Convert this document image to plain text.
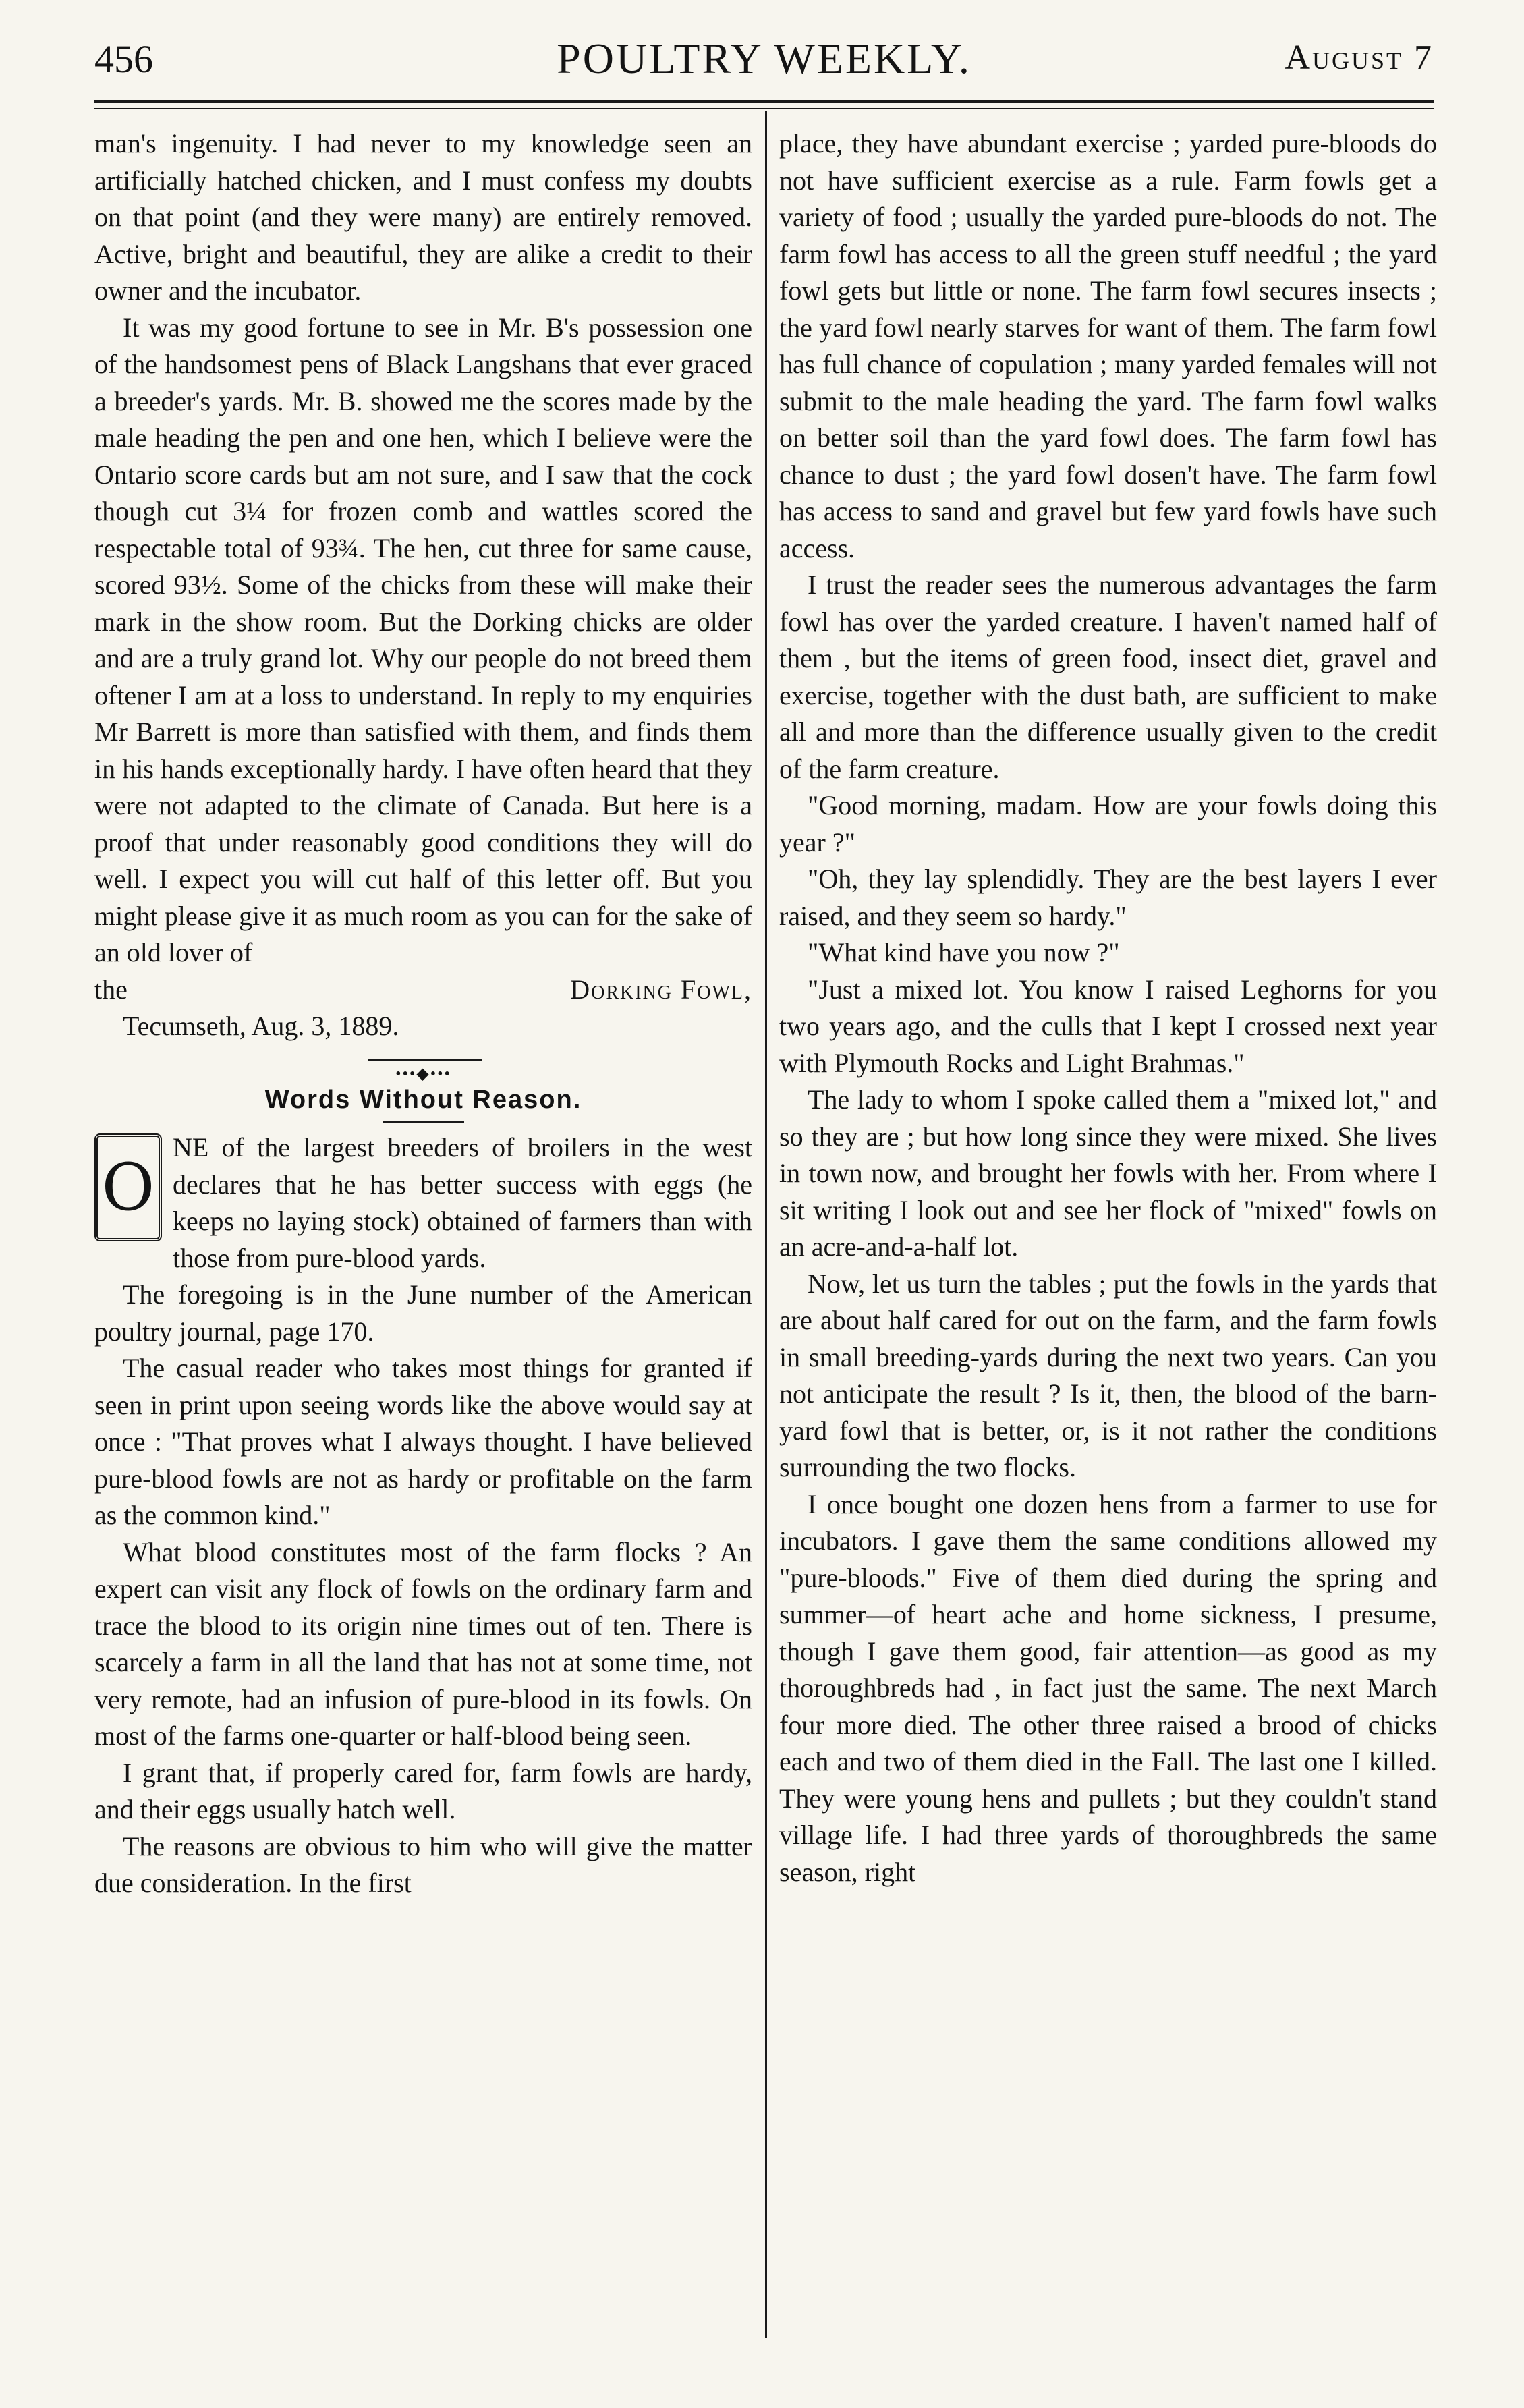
456	POULTRY WEEKLY.	August 7

man's ingenuity. I had never to my knowledge seen an artificially hatched chicken, and I must confess my doubts on that point (and they were many) are entirely removed. Active, bright and beautiful, they are alike a credit to their owner and the incubator.

It was my good fortune to see in Mr. B's possession one of the handsomest pens of Black Langshans that ever graced a breeder's yards. Mr. B. showed me the scores made by the male heading the pen and one hen, which I believe were the Ontario score cards but am not sure, and I saw that the cock though cut 3¼ for frozen comb and wattles scored the respectable total of 93¾. The hen, cut three for same cause, scored 93½. Some of the chicks from these will make their mark in the show room. But the Dorking chicks are older and are a truly grand lot. Why our people do not breed them oftener I am at a loss to understand. In reply to my enquiries Mr Barrett is more than satisfied with them, and finds them in his hands exceptionally hardy. I have often heard that they were not adapted to the climate of Canada. But here is a proof that under reasonably good conditions they will do well. I expect you will cut half of this letter off. But you might please give it as much room as you can for the sake of an old lover of

the	Dorking Fowl,

Tecumseth, Aug. 3, 1889.

•••◆•••
Words Without Reason.
O

NE of the largest breeders of broilers in the west declares that he has better success with eggs (he keeps no laying stock) obtained of farmers than with those from pure-blood yards.

The foregoing is in the June number of the American poultry journal, page 170.

The casual reader who takes most things for granted if seen in print upon seeing words like the above would say at once : "That proves what I always thought. I have believed pure-blood fowls are not as hardy or profitable on the farm as the common kind."

What blood constitutes most of the farm flocks ? An expert can visit any flock of fowls on the ordinary farm and trace the blood to its origin nine times out of ten. There is scarcely a farm in all the land that has not at some time, not very remote, had an infusion of pure-blood in its fowls. On most of the farms one-quarter or half-blood being seen.

I grant that, if properly cared for, farm fowls are hardy, and their eggs usually hatch well.

The reasons are obvious to him who will give the matter due consideration. In the first

place, they have abundant exercise ; yarded pure-bloods do not have sufficient exercise as a rule. Farm fowls get a variety of food ; usually the yarded pure-bloods do not. The farm fowl has access to all the green stuff needful ; the yard fowl gets but little or none. The farm fowl secures insects ; the yard fowl nearly starves for want of them. The farm fowl has full chance of copulation ; many yarded females will not submit to the male heading the yard. The farm fowl walks on better soil than the yard fowl does. The farm fowl has chance to dust ; the yard fowl dosen't have. The farm fowl has access to sand and gravel but few yard fowls have such access.

I trust the reader sees the numerous advantages the farm fowl has over the yarded creature. I haven't named half of them , but the items of green food, insect diet, gravel and exercise, together with the dust bath, are sufficient to make all and more than the difference usually given to the credit of the farm creature.

"Good morning, madam. How are your fowls doing this year ?"

"Oh, they lay splendidly. They are the best layers I ever raised, and they seem so hardy."

"What kind have you now ?"

"Just a mixed lot. You know I raised Leghorns for you two years ago, and the culls that I kept I crossed next year with Plymouth Rocks and Light Brahmas."

The lady to whom I spoke called them a "mixed lot," and so they are ; but how long since they were mixed. She lives in town now, and brought her fowls with her. From where I sit writing I look out and see her flock of "mixed" fowls on an acre-and-a-half lot.

Now, let us turn the tables ; put the fowls in the yards that are about half cared for out on the farm, and the farm fowls in small breeding-yards during the next two years. Can you not anticipate the result ? Is it, then, the blood of the barn-yard fowl that is better, or, is it not rather the conditions surrounding the two flocks.

I once bought one dozen hens from a farmer to use for incubators. I gave them the same conditions allowed my "pure-bloods." Five of them died during the spring and summer—of heart ache and home sickness, I presume, though I gave them good, fair attention—as good as my thoroughbreds had , in fact just the same. The next March four more died. The other three raised a brood of chicks each and two of them died in the Fall. The last one I killed. They were young hens and pullets ; but they couldn't stand village life. I had three yards of thoroughbreds the same season, right
